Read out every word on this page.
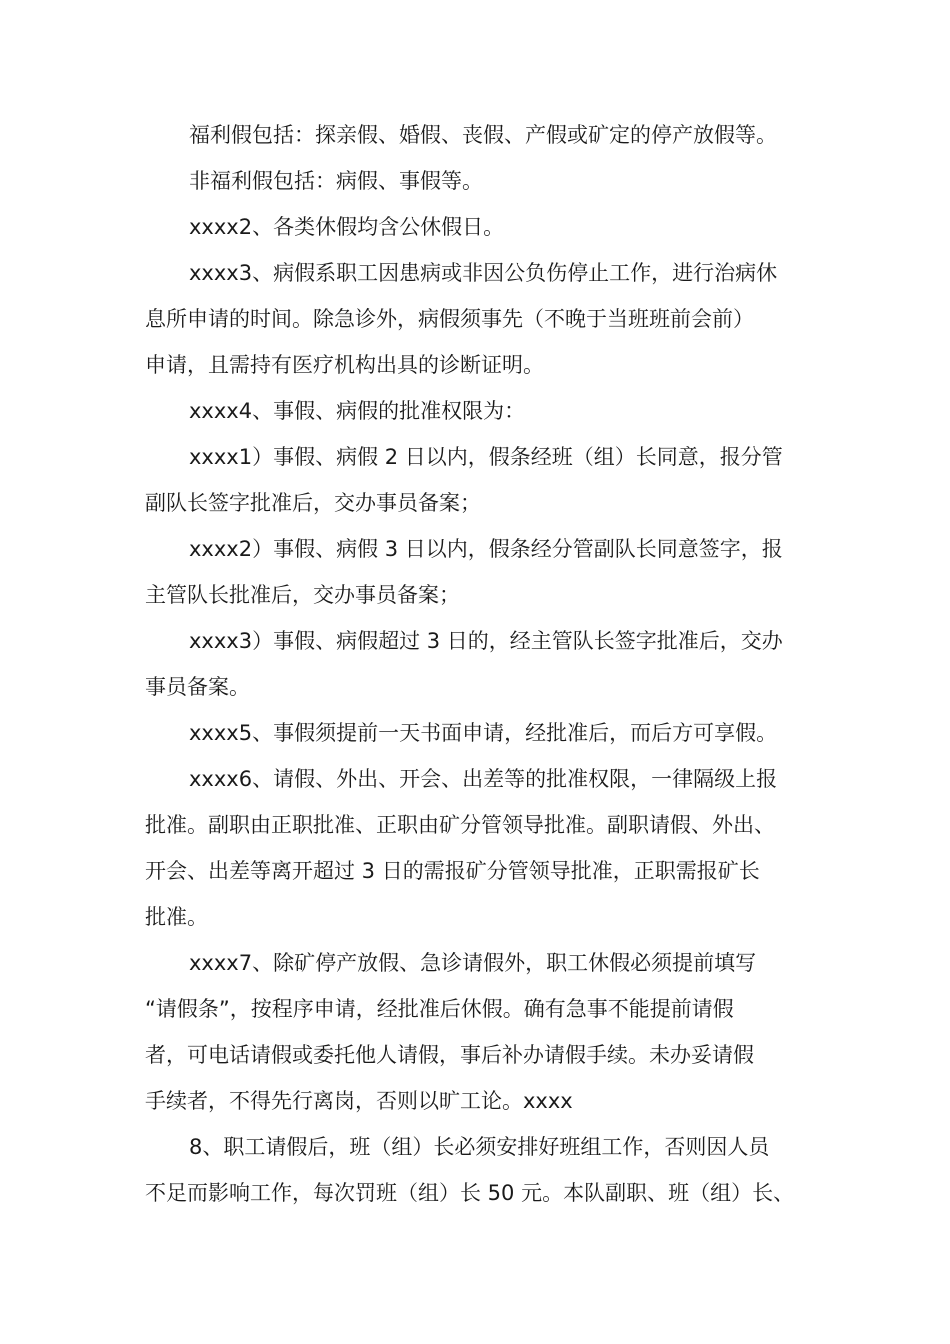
福利假包括：探亲假、婚假、丧假、产假或矿定的停产放假等。
非福利假包括：病假、事假等。
xxxx2、各类休假均含公休假日。
xxxx3、病假系职工因患病或非因公负伤停止工作，进行治病休
息所申请的时间。除急诊外，病假须事先（不晚于当班班前会前）
申请，且需持有医疗机构出具的诊断证明。
xxxx4、事假、病假的批准权限为：
xxxx1）事假、病假 2 日以内，假条经班（组）长同意，报分管
副队长签字批准后，交办事员备案；
xxxx2）事假、病假 3 日以内，假条经分管副队长同意签字，报
主管队长批准后，交办事员备案；
xxxx3）事假、病假超过 3 日的，经主管队长签字批准后，交办
事员备案。
xxxx5、事假须提前一天书面申请，经批准后，而后方可享假。
xxxx6、请假、外出、开会、出差等的批准权限，一律隔级上报
批准。副职由正职批准、正职由矿分管领导批准。副职请假、外出、
开会、出差等离开超过 3 日的需报矿分管领导批准，正职需报矿长
批准。
xxxx7、除矿停产放假、急诊请假外，职工休假必须提前填写
“请假条”，按程序申请，经批准后休假。确有急事不能提前请假
者，可电话请假或委托他人请假，事后补办请假手续。未办妥请假
手续者，不得先行离岗，否则以旷工论。xxxx
8、职工请假后，班（组）长必须安排好班组工作，否则因人员
不足而影响工作，每次罚班（组）长 50 元。本队副职、班（组）长、
